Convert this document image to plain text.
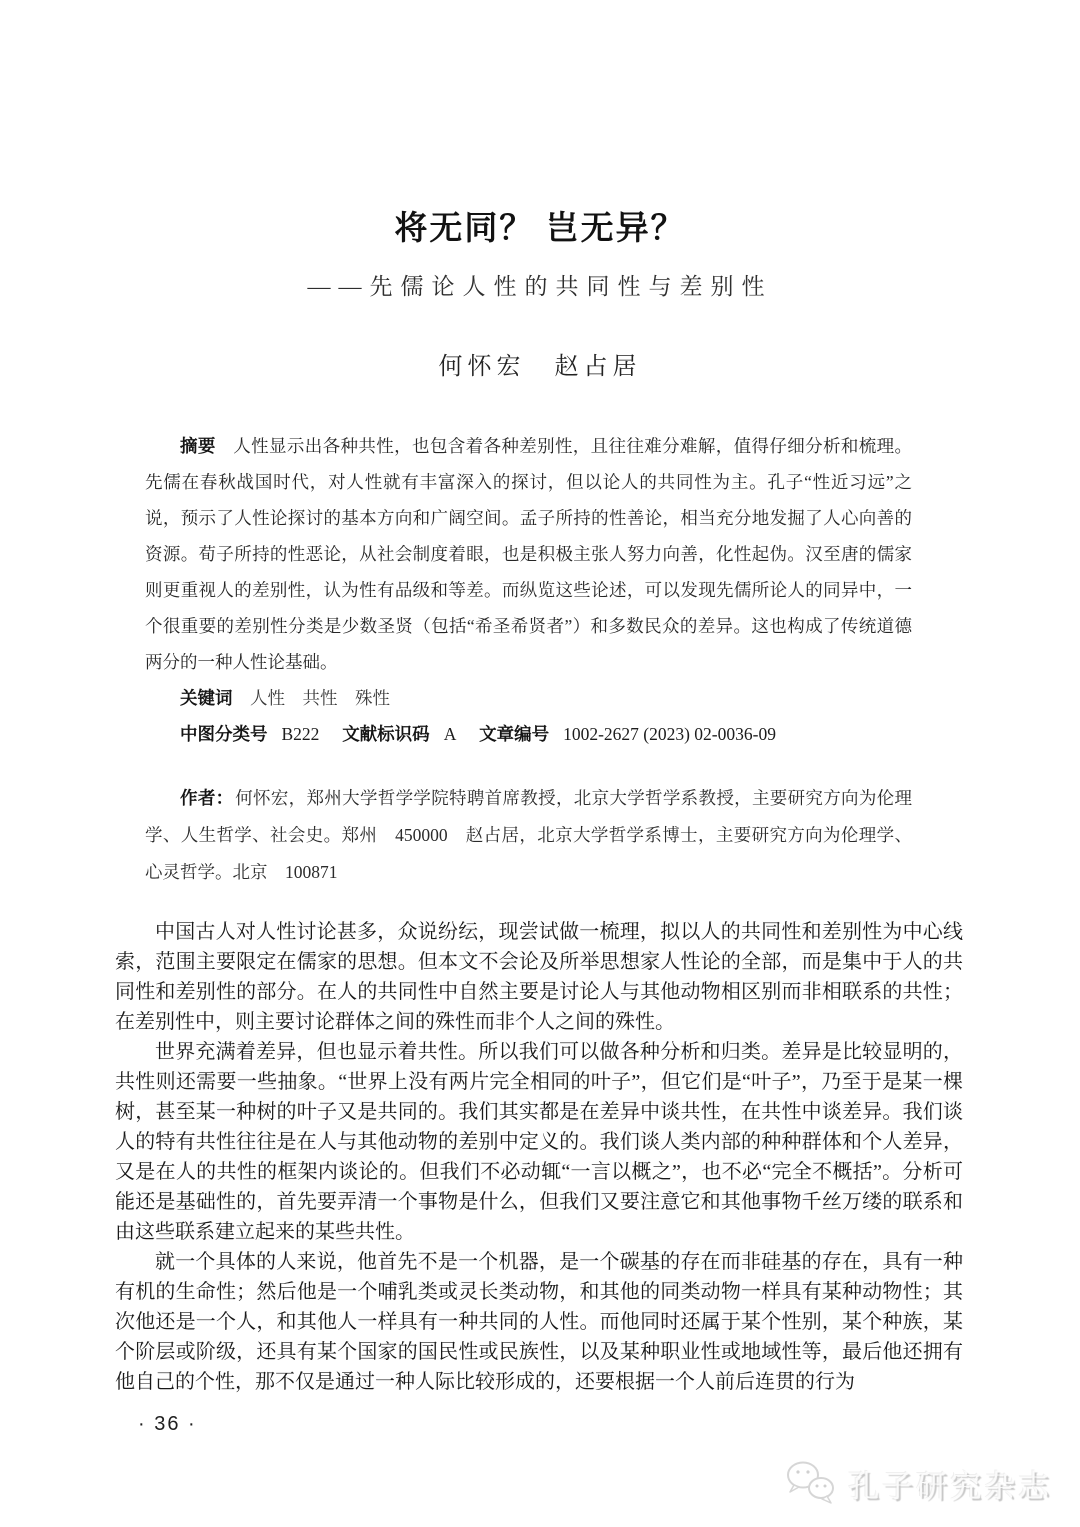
将无同？ 岂无异？
——先儒论人性的共同性与差别性
何怀宏　赵占居
摘要 人性显示出各种共性，也包含着各种差别性，且往往难分难解，值得仔细分析和梳理。先儒在春秋战国时代，对人性就有丰富深入的探讨，但以论人的共同性为主。孔子“性近习远”之说，预示了人性论探讨的基本方向和广阔空间。孟子所持的性善论，相当充分地发掘了人心向善的资源。荀子所持的性恶论，从社会制度着眼，也是积极主张人努力向善，化性起伪。汉至唐的儒家则更重视人的差别性，认为性有品级和等差。而纵览这些论述，可以发现先儒所论人的同异中，一个很重要的差别性分类是少数圣贤（包括“希圣希贤者”）和多数民众的差异。这也构成了传统道德两分的一种人性论基础。
关键词 人性　共性　殊性
中图分类号 B222 文献标识码 A 文章编号 1002-2627 (2023) 02-0036-09
作者： 何怀宏，郑州大学哲学学院特聘首席教授，北京大学哲学系教授，主要研究方向为伦理学、人生哲学、社会史。郑州　450000　赵占居，北京大学哲学系博士，主要研究方向为伦理学、心灵哲学。北京　100871

中国古人对人性讨论甚多，众说纷纭，现尝试做一梳理，拟以人的共同性和差别性为中心线索，范围主要限定在儒家的思想。但本文不会论及所举思想家人性论的全部，而是集中于人的共同性和差别性的部分。在人的共同性中自然主要是讨论人与其他动物相区别而非相联系的共性；在差别性中，则主要讨论群体之间的殊性而非个人之间的殊性。

世界充满着差异，但也显示着共性。所以我们可以做各种分析和归类。差异是比较显明的，共性则还需要一些抽象。“世界上没有两片完全相同的叶子”，但它们是“叶子”，乃至于是某一棵树，甚至某一种树的叶子又是共同的。我们其实都是在差异中谈共性，在共性中谈差异。我们谈人的特有共性往往是在人与其他动物的差别中定义的。我们谈人类内部的种种群体和个人差异，又是在人的共性的框架内谈论的。但我们不必动辄“一言以概之”，也不必“完全不概括”。分析可能还是基础性的，首先要弄清一个事物是什么，但我们又要注意它和其他事物千丝万缕的联系和由这些联系建立起来的某些共性。

就一个具体的人来说，他首先不是一个机器，是一个碳基的存在而非硅基的存在，具有一种有机的生命性；然后他是一个哺乳类或灵长类动物，和其他的同类动物一样具有某种动物性；其次他还是一个人，和其他人一样具有一种共同的人性。而他同时还属于某个性别，某个种族，某个阶层或阶级，还具有某个国家的国民性或民族性，以及某种职业性或地域性等，最后他还拥有他自己的个性，那不仅是通过一种人际比较形成的，还要根据一个人前后连贯的行为

· 36 ·
孔子研究杂志
